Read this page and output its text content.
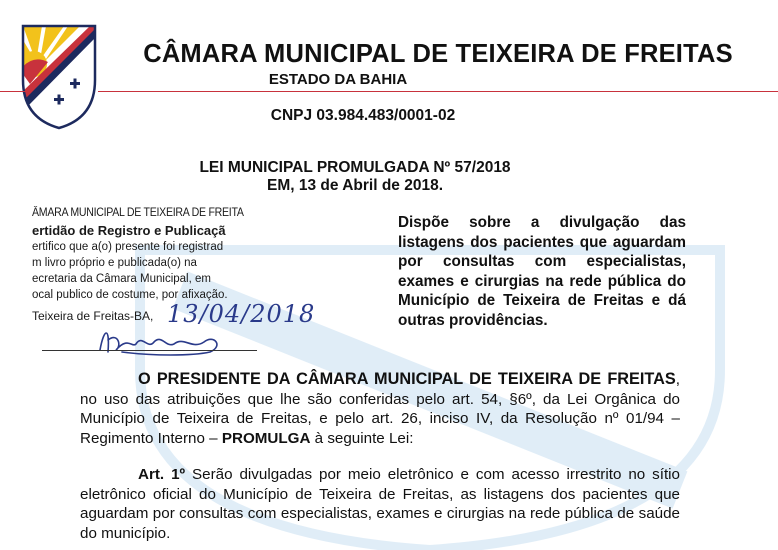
CÂMARA MUNICIPAL DE TEIXEIRA DE FREITAS
ESTADO DA BAHIA
CNPJ 03.984.483/0001-02
LEI MUNICIPAL PROMULGADA Nº 57/2018
EM, 13 de Abril de 2018.
ÂMARA MUNICIPAL DE TEIXEIRA DE FREITA
ertidão de Registro e Publicaçã
ertifico que a(o) presente foi registrad
m livro próprio e publicada(o) na
ecretaria da Câmara Municipal, em
ocal publico de costume, por afixação.
Teixeira de Freitas-BA, 13/04/2018
Dispõe sobre a divulgação das listagens dos pacientes que aguardam por consultas com especialistas, exames e cirurgias na rede pública do Município de Teixeira de Freitas e dá outras providências.
O PRESIDENTE DA CÂMARA MUNICIPAL DE TEIXEIRA DE FREITAS, no uso das atribuições que lhe são conferidas pelo art. 54, §6º, da Lei Orgânica do Município de Teixeira de Freitas, e pelo art. 26, inciso IV, da Resolução nº 01/94 – Regimento Interno – PROMULGA à seguinte Lei:
Art. 1º Serão divulgadas por meio eletrônico e com acesso irrestrito no sítio eletrônico oficial do Município de Teixeira de Freitas, as listagens dos pacientes que aguardam por consultas com especialistas, exames e cirurgias na rede pública de saúde do município.
